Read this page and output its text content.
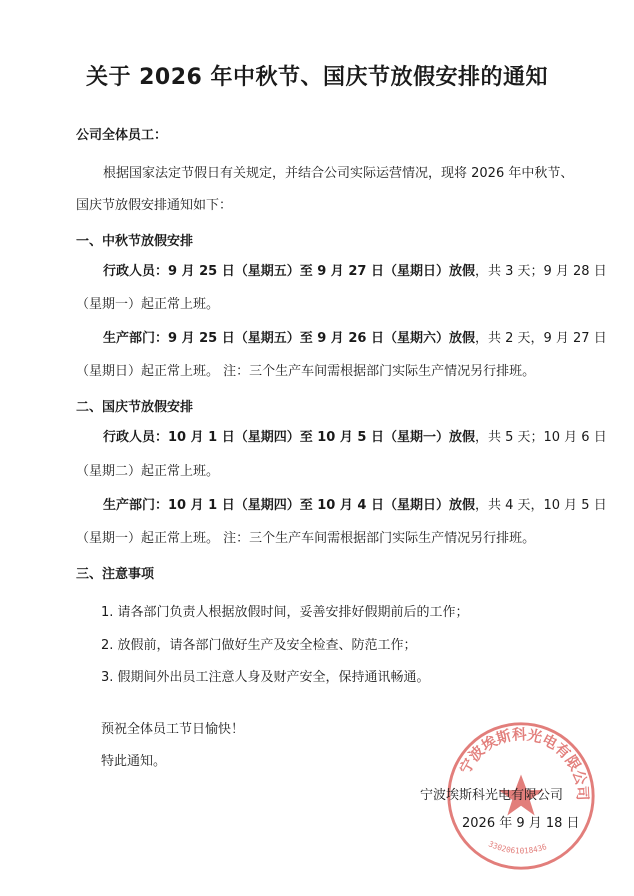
关于 2026 年中秋节、国庆节放假安排的通知
公司全体员工：
根据国家法定节假日有关规定，并结合公司实际运营情况，现将 2026 年中秋节、
国庆节放假安排通知如下：
一、中秋节放假安排
行政人员：9 月 25 日（星期五）至 9 月 27 日（星期日）放假，共 3 天；9 月 28 日
（星期一）起正常上班。
生产部门：9 月 25 日（星期五）至 9 月 26 日（星期六）放假，共 2 天，9 月 27 日
（星期日）起正常上班。 注：三个生产车间需根据部门实际生产情况另行排班。
二、国庆节放假安排
行政人员：10 月 1 日（星期四）至 10 月 5 日（星期一）放假，共 5 天；10 月 6 日
（星期二）起正常上班。
生产部门：10 月 1 日（星期四）至 10 月 4 日（星期日）放假，共 4 天，10 月 5 日
（星期一）起正常上班。 注：三个生产车间需根据部门实际生产情况另行排班。
三、注意事项
1. 请各部门负责人根据放假时间，妥善安排好假期前后的工作；
2. 放假前，请各部门做好生产及安全检查、防范工作；
3. 假期间外出员工注意人身及财产安全，保持通讯畅通。
预祝全体员工节日愉快！
特此通知。	宁波埃斯科光电有限公司
3302061018436
宁波埃斯科光电有限公司
2026 年 9 月 18 日
